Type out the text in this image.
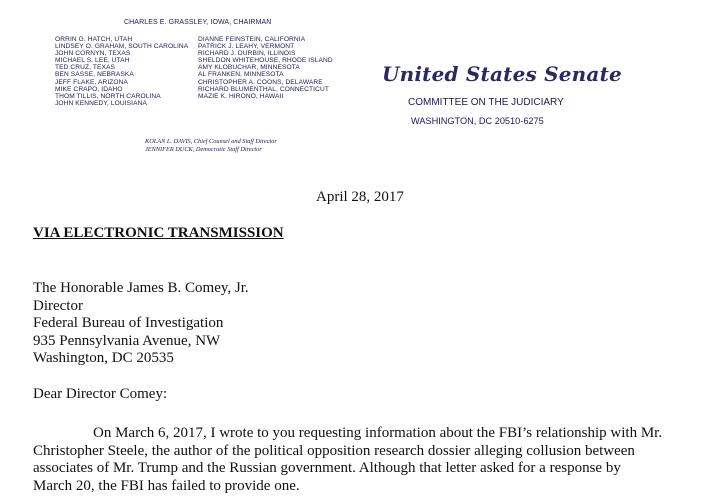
CHARLES E. GRASSLEY, IOWA, CHAIRMAN
ORRIN G. HATCH, UTAH
LINDSEY O. GRAHAM, SOUTH CAROLINA
JOHN CORNYN, TEXAS
MICHAEL S. LEE, UTAH
TED CRUZ, TEXAS
BEN SASSE, NEBRASKA
JEFF FLAKE, ARIZONA
MIKE CRAPO, IDAHO
THOM TILLIS, NORTH CAROLINA
JOHN KENNEDY, LOUISIANA
DIANNE FEINSTEIN, CALIFORNIA
PATRICK J. LEAHY, VERMONT
RICHARD J. DURBIN, ILLINOIS
SHELDON WHITEHOUSE, RHODE ISLAND
AMY KLOBUCHAR, MINNESOTA
AL FRANKEN, MINNESOTA
CHRISTOPHER A. COONS, DELAWARE
RICHARD BLUMENTHAL, CONNECTICUT
MAZIE K. HIRONO, HAWAII
KOLAN L. DAVIS, Chief Counsel and Staff Director
JENNIFER DUCK, Democratic Staff Director
United States Senate
COMMITTEE ON THE JUDICIARY
WASHINGTON, DC 20510-6275
April 28, 2017
VIA ELECTRONIC TRANSMISSION
The Honorable James B. Comey, Jr.
Director
Federal Bureau of Investigation
935 Pennsylvania Avenue, NW
Washington, DC 20535
Dear Director Comey:
On March 6, 2017, I wrote to you requesting information about the FBI’s relationship with Mr.
Christopher Steele, the author of the political opposition research dossier alleging collusion between
associates of Mr. Trump and the Russian government. Although that letter asked for a response by
March 20, the FBI has failed to provide one.
